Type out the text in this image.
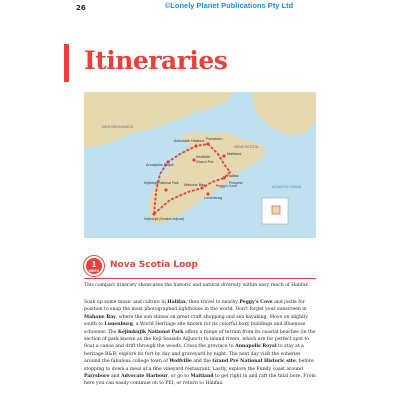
26	©Lonely Planet Publications Pty Ltd
Itineraries
NEW BRUNSWICK
NOVA SCOTIA
ATLANTIC OCEAN
Parrsboro
Advocate Harbour
Wolfville
Grand Pré
Maitland
Annapolis Royal
Halifax
Peggy's Cove
Prospect
Mahone Bay
Lunenburg
Kejimkujik National Park
Kejimkujik (Seaside Adjunct)
1
WEEK
Nova Scotia Loop

This compact itinerary showcases the historic and natural diversity within easy reach of Halifax.

Soak up some music and culture in Halifax, then travel to nearby Peggy's Cove and jostle for position to snap the most photographed lighthouse in the world. Don't forget your sunscreen in Mahone Bay, where the sun shines on great craft shopping and sea kayaking. Move on slightly south to Lunenburg, a World Heritage site known for its colorful boxy buildings and Bluenose schooner. The Kejimkujik National Park offers a range of terrain from its coastal beaches (in the section of park known as the Keji Seaside Adjunct) to inland rivers, which are for perfect spot to float a canoe and drift through the woods. Cross the province to Annapolis Royal to stay at a heritage B&B; explore its fort by day and graveyard by night. The next day visit the wineries around the fabulous college town of Wolfville and the Grand Pré National Historic site, before stopping to down a meal at a fine vineyard restaurant. Lastly, explore the Fundy coast around Parrsboro and Advocate Harbour, or go to Maitland to get right in and raft the tidal bore. From here you can easily continue on to PEI, or return to Halifax.
